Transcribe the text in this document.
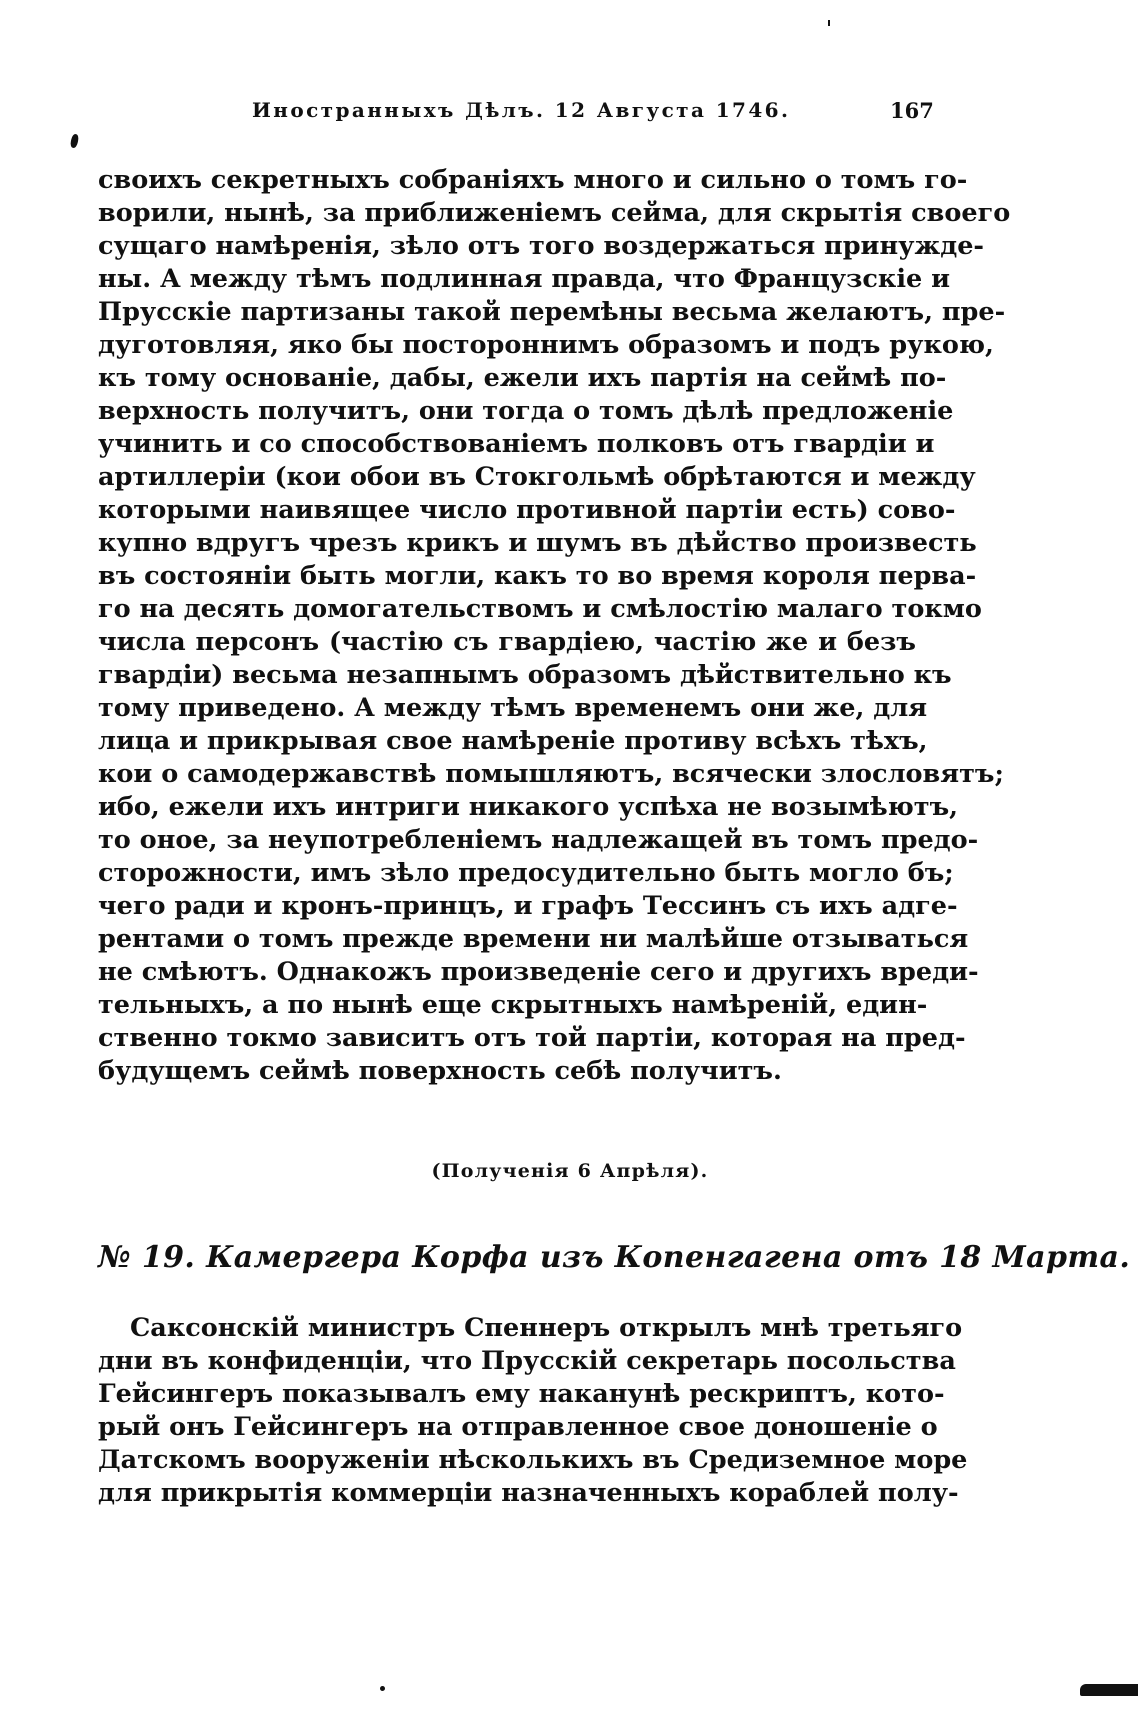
Иностранныхъ Дѣлъ. 12 Августа 1746.	167
своихъ секретныхъ собраніяхъ много и сильно о томъ го-
ворили, нынѣ, за приближеніемъ сейма, для скрытія своего
сущаго намѣренія, зѣло отъ того воздержаться принужде-
ны. А между тѣмъ подлинная правда, что Французскіе и
Прусскіе партизаны такой перемѣны весьма желаютъ, пре-
дуготовляя, яко бы постороннимъ образомъ и подъ рукою,
къ тому основаніе, дабы, ежели ихъ партія на сеймѣ по-
верхность получитъ, они тогда о томъ дѣлѣ предложеніе
учинить и со способствованіемъ полковъ отъ гвардіи и
артиллеріи (кои обои въ Стокгольмѣ обрѣтаются и между
которыми наивящее число противной партіи есть) сово-
купно вдругъ чрезъ крикъ и шумъ въ дѣйство произвесть
въ состояніи быть могли, какъ то во время короля перва-
го на десять домогательствомъ и смѣлостію малаго токмо
числа персонъ (частію съ гвардіею, частію же и безъ
гвардіи) весьма незапнымъ образомъ дѣйствительно къ
тому приведено. А между тѣмъ временемъ они же, для
лица и прикрывая свое намѣреніе противу всѣхъ тѣхъ,
кои о самодержавствѣ помышляютъ, всячески злословятъ;
ибо, ежели ихъ интриги никакого успѣха не возымѣютъ,
то оное, за неупотребленіемъ надлежащей въ томъ предо-
сторожности, имъ зѣло предосудительно быть могло бъ;
чего ради и кронъ-принцъ, и графъ Тессинъ съ ихъ адге-
рентами о томъ прежде времени ни малѣйше отзываться
не смѣютъ. Однакожъ произведеніе сего и другихъ вреди-
тельныхъ, а по нынѣ еще скрытныхъ намѣреній, един-
ственно токмо зависитъ отъ той партіи, которая на пред-
будущемъ сеймѣ поверхность себѣ получитъ.
(Полученія 6 Апрѣля).
№ 19. Камергера Корфа изъ Копенгагена отъ 18 Марта.
Саксонскій министръ Спеннеръ открылъ мнѣ третьяго
дни въ конфиденціи, что Прусскій секретарь посольства
Гейсингеръ показывалъ ему наканунѣ рескриптъ, кото-
рый онъ Гейсингеръ на отправленное свое доношеніе о
Датскомъ вооруженіи нѣсколькихъ въ Средиземное море
для прикрытія коммерціи назначенныхъ кораблей полу-
